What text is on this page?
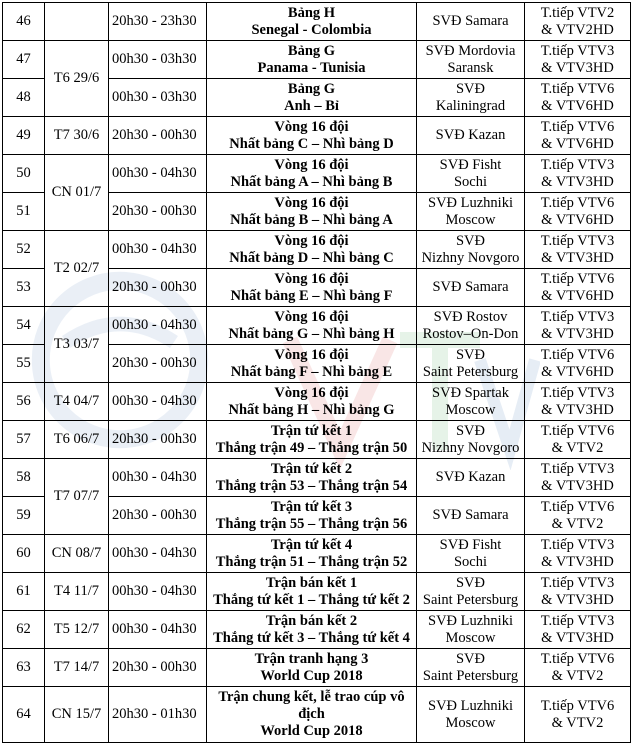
46		20h30 - 23h30	Bảng H
Senegal - Colombia	SVĐ Samara	T.tiếp VTV2
& VTV2HD

47	T6 29/6	00h30 - 03h30	Bảng G
Panama - Tunisia	SVĐ Mordovia
Saransk	T.tiếp VTV3
& VTV3HD

48		00h30 - 03h30	Bảng G
Anh – Bỉ	SVĐ
Kaliningrad	T.tiếp VTV6
& VTV6HD

49	T7 30/6	20h30 - 00h30	Vòng 16 đội
Nhất bảng C – Nhì bảng D	SVĐ Kazan	T.tiếp VTV6
& VTV6HD

50	CN 01/7	00h30 - 04h30	Vòng 16 đội
Nhất bảng A – Nhì bảng B	SVĐ Fisht
Sochi	T.tiếp VTV3
& VTV3HD

51		20h30 - 00h30	Vòng 16 đội
Nhất bảng B – Nhì bảng A	SVĐ Luzhniki
Moscow	T.tiếp VTV6
& VTV6HD

52	T2 02/7	00h30 - 04h30	Vòng 16 đội
Nhất bảng D – Nhì bảng C	SVĐ
Nizhny Novgoro	T.tiếp VTV3
& VTV3HD

53		20h30 - 00h30	Vòng 16 đội
Nhất bảng E – Nhì bảng F	SVĐ Samara	T.tiếp VTV6
& VTV6HD

54	T3 03/7	00h30 - 04h30	Vòng 16 đội
Nhất bảng G – Nhì bảng H	SVĐ Rostov
Rostov–On-Don	T.tiếp VTV3
& VTV3HD

55		20h30 - 00h30	Vòng 16 đội
Nhất bảng F – Nhì bảng E	SVĐ
Saint Petersburg	T.tiếp VTV6
& VTV6HD

56	T4 04/7	00h30 - 04h30	Vòng 16 đội
Nhất bảng H – Nhì bảng G	SVĐ Spartak
Moscow	T.tiếp VTV3
& VTV3HD

57	T6 06/7	20h30 - 00h30	Trận tứ kết 1
Thắng trận 49 – Thắng trận 50	SVĐ
Nizhny Novgoro	T.tiếp VTV6
& VTV2

58	T7 07/7	00h30 - 04h30	Trận tứ kết 2
Thắng trận 53 – Thắng trận 54	SVĐ Kazan	T.tiếp VTV3
& VTV3HD

59		20h30 - 00h30	Trận tứ kết 3
Thắng trận 55 – Thắng trận 56	SVĐ Samara	T.tiếp VTV6
& VTV2

60	CN 08/7	00h30 - 04h30	Trận tứ kết 4
Thắng trận 51 – Thắng trận 52	SVĐ Fisht
Sochi	T.tiếp VTV3
& VTV3HD

61	T4 11/7	00h30 - 04h30	Trận bán kết 1
Thắng tứ kết 1 – Thắng tứ kết 2	SVĐ
Saint Petersburg	T.tiếp VTV3
& VTV3HD

62	T5 12/7	00h30 - 04h30	Trận bán kết 2
Thắng tứ kết 3 – Thắng tứ kết 4	SVĐ Luzhniki
Moscow	T.tiếp VTV3
& VTV3HD

63	T7 14/7	20h30 - 00h30	Trận tranh hạng 3
World Cup 2018	SVĐ
Saint Petersburg	T.tiếp VTV6
& VTV2

64	CN 15/7	20h30 - 01h30	Trận chung kết, lễ trao cúp vô
địch
World Cup 2018	SVĐ Luzhniki
Moscow	T.tiếp VTV6
& VTV2
